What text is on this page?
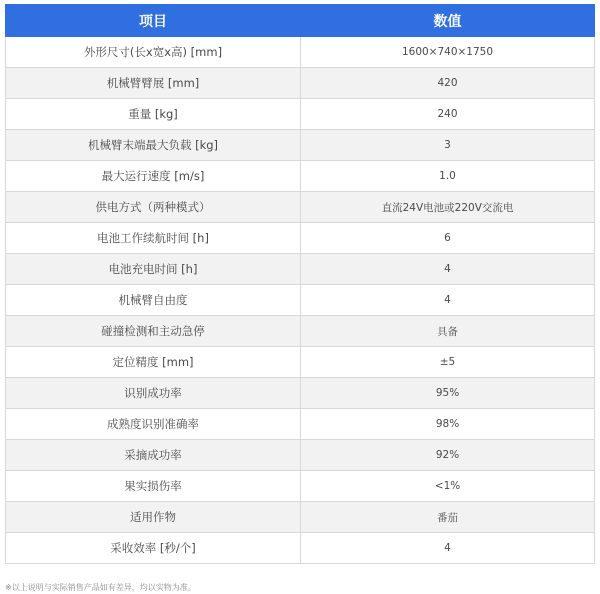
项目	数值
外形尺寸(长x宽x高) [mm]	1600×740×1750
机械臂臂展 [mm]	420
重量 [kg]	240
机械臂末端最大负载 [kg]	3
最大运行速度 [m/s]	1.0
供电方式（两种模式）	直流24V电池或220V交流电
电池工作续航时间 [h]	6
电池充电时间 [h]	4
机械臂自由度	4
碰撞检测和主动急停	具备
定位精度 [mm]	±5
识别成功率	95%
成熟度识别准确率	98%
采摘成功率	92%
果实损伤率	<1%
适用作物	番茄
采收效率 [秒/个]	4
※以上说明与实际销售产品如有差异，均以实物为准。
